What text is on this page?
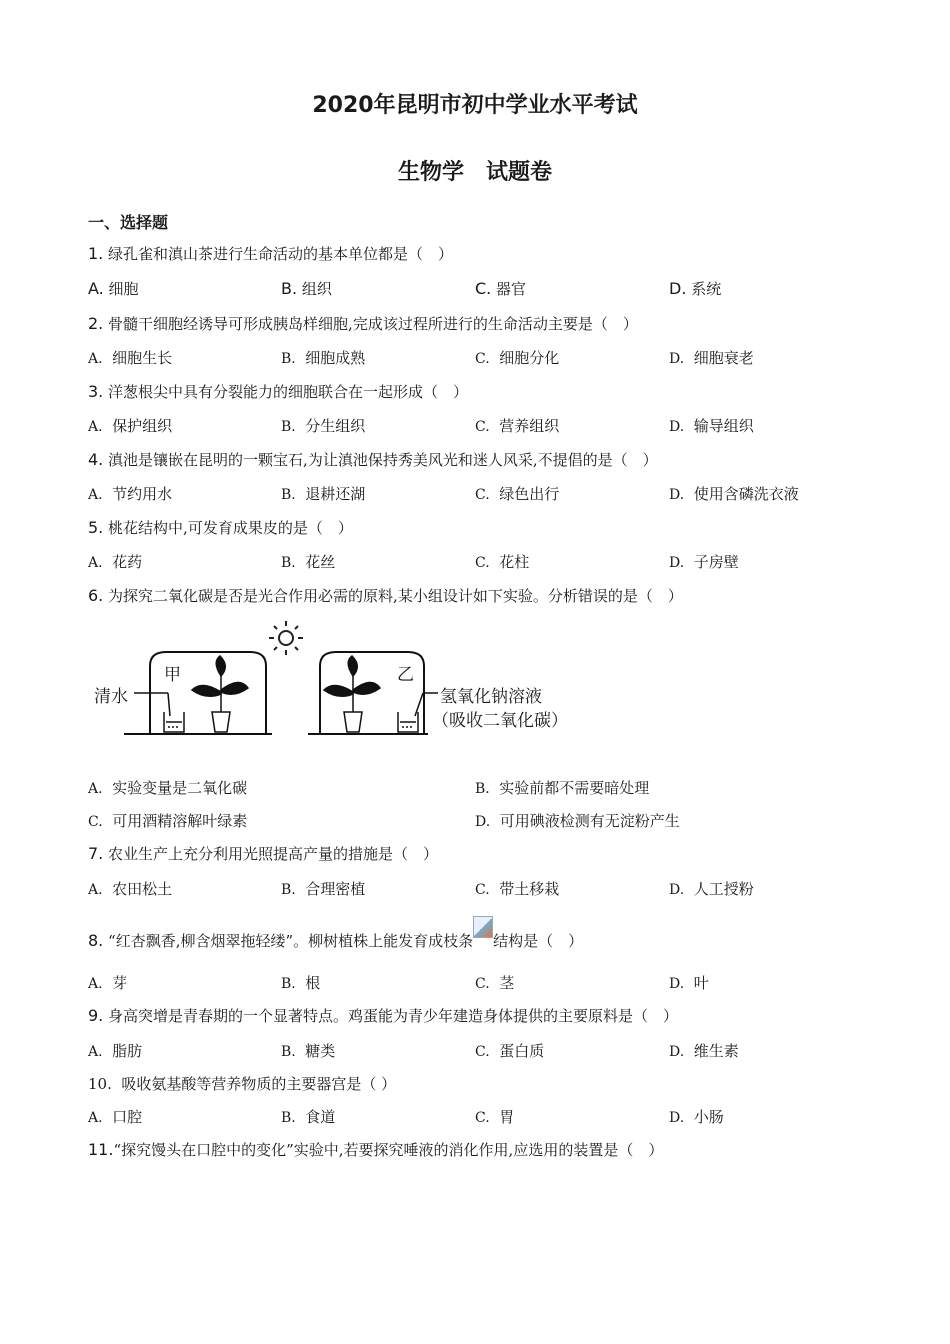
2020年昆明市初中学业水平考试
生物学　试题卷
一、选择题
1. 绿孔雀和滇山茶进行生命活动的基本单位都是（　）
A. 细胞	B. 组织	C. 器官	D. 系统
2. 骨髓干细胞经诱导可形成胰岛样细胞,完成该过程所进行的生命活动主要是（　）
A. 细胞生长	B. 细胞成熟	C. 细胞分化	D. 细胞衰老
3. 洋葱根尖中具有分裂能力的细胞联合在一起形成（　）
A. 保护组织	B. 分生组织	C. 营养组织	D. 输导组织
4. 滇池是镶嵌在昆明的一颗宝石,为让滇池保持秀美风光和迷人风采,不提倡的是（　）
A. 节约用水	B. 退耕还湖	C. 绿色出行	D. 使用含磷洗衣液
5. 桃花结构中,可发育成果皮的是（　）
A. 花药	B. 花丝	C. 花柱	D. 子房壁
6. 为探究二氧化碳是否是光合作用必需的原料,某小组设计如下实验。分析错误的是（　）
清水
甲	乙
氢氧化钠溶液
（吸收二氧化碳）
A. 实验变量是二氧化碳	B. 实验前都不需要暗处理
C. 可用酒精溶解叶绿素	D. 可用碘液检测有无淀粉产生
7. 农业生产上充分利用光照提高产量的措施是（　）
A. 农田松土	B. 合理密植	C. 带土移栽	D. 人工授粉
8. “红杏飘香,柳含烟翠拖轻缕”。柳树植株上能发育成枝条 结构是（　）
A. 芽	B. 根	C. 茎	D. 叶
9. 身高突增是青春期的一个显著特点。鸡蛋能为青少年建造身体提供的主要原料是（　）
A. 脂肪	B. 糖类	C. 蛋白质	D. 维生素
10. 吸收氨基酸等营养物质的主要器宫是（ ）
A. 口腔	B. 食道	C. 胃	D. 小肠
11.“探究馒头在口腔中的变化”实验中,若要探究唾液的消化作用,应选用的装置是（　）
